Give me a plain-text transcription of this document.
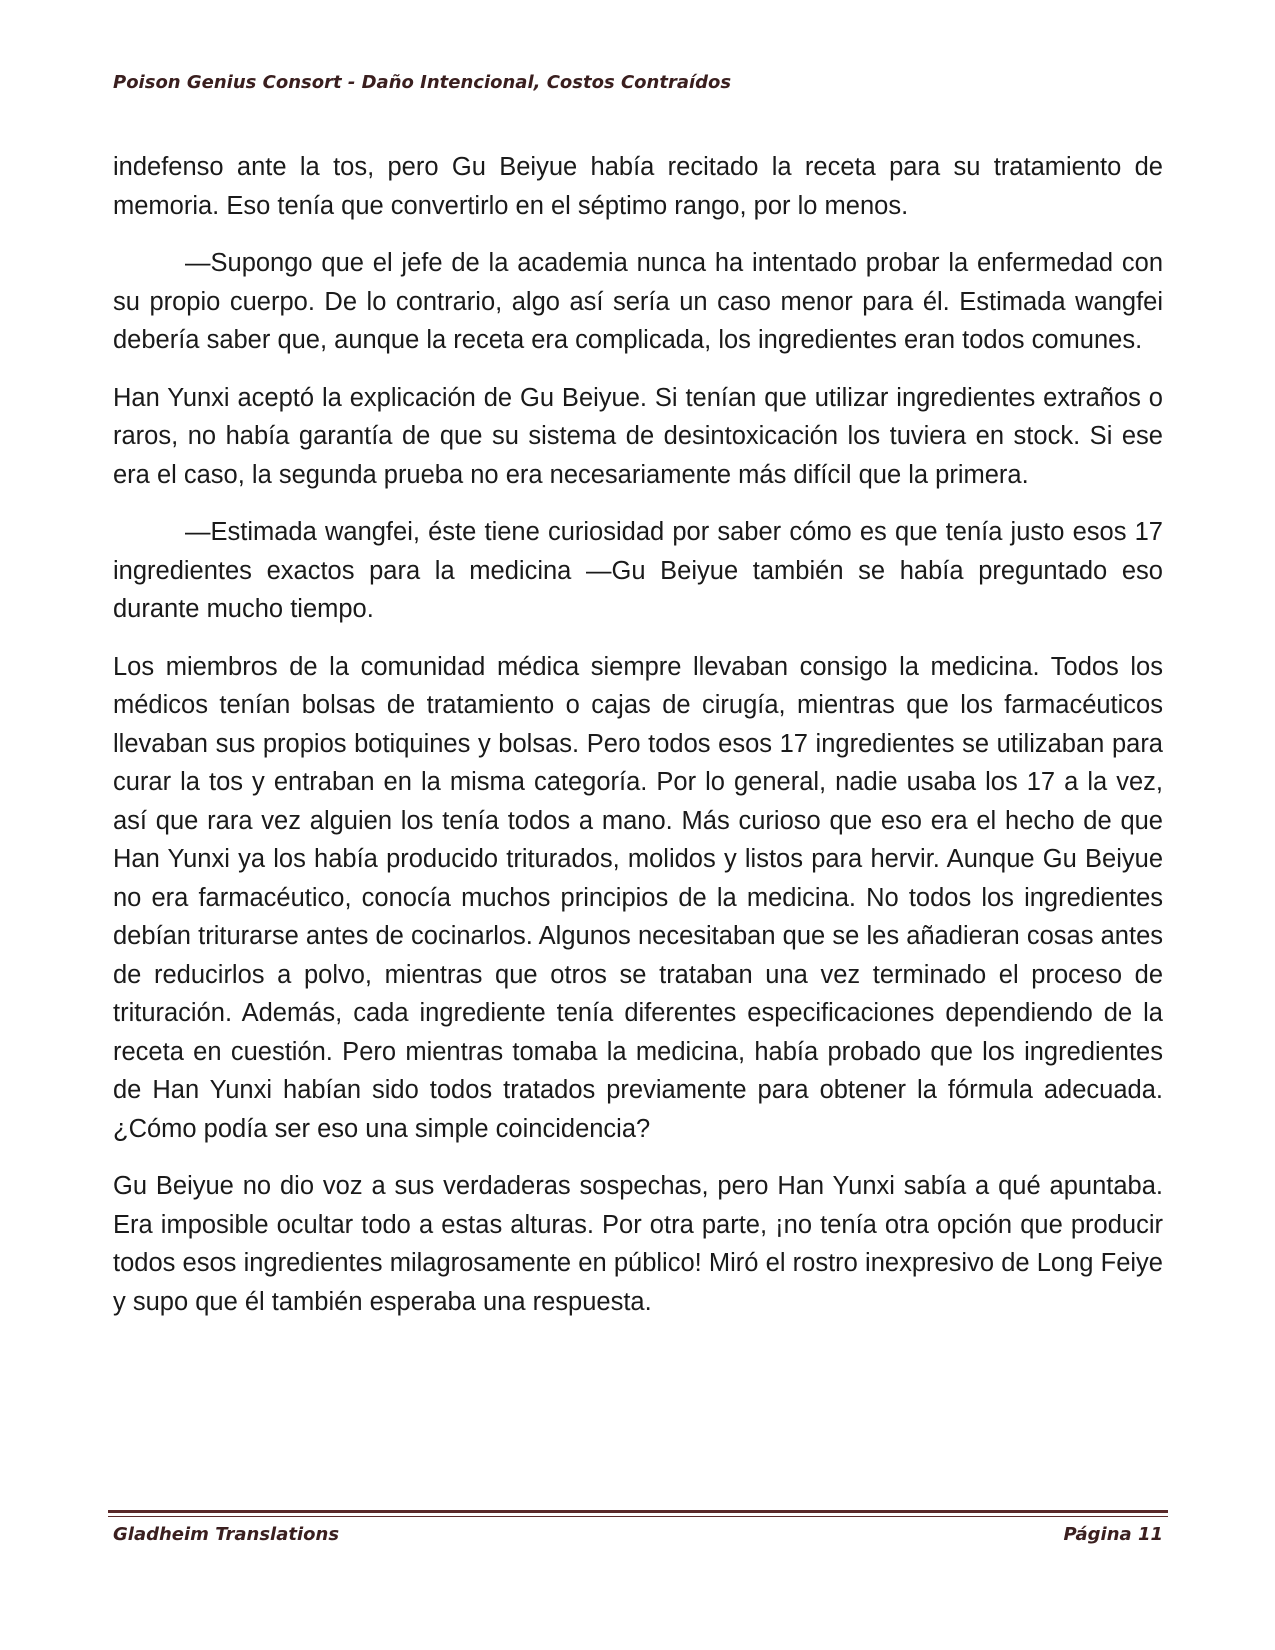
Poison Genius Consort - Daño Intencional, Costos Contraídos

indefenso ante la tos, pero Gu Beiyue había recitado la receta para su tratamiento de memoria. Eso tenía que convertirlo en el séptimo rango, por lo menos.

—Supongo que el jefe de la academia nunca ha intentado probar la enfermedad con su propio cuerpo. De lo contrario, algo así sería un caso menor para él. Estimada wangfei debería saber que, aunque la receta era complicada, los ingredientes eran todos comunes.

Han Yunxi aceptó la explicación de Gu Beiyue. Si tenían que utilizar ingredientes extraños o raros, no había garantía de que su sistema de desintoxicación los tuviera en stock. Si ese era el caso, la segunda prueba no era necesariamente más difícil que la primera.

—Estimada wangfei, éste tiene curiosidad por saber cómo es que tenía justo esos 17 ingredientes exactos para la medicina —Gu Beiyue también se había preguntado eso durante mucho tiempo.

Los miembros de la comunidad médica siempre llevaban consigo la medicina. Todos los médicos tenían bolsas de tratamiento o cajas de cirugía, mientras que los farmacéuticos llevaban sus propios botiquines y bolsas. Pero todos esos 17 ingredientes se utilizaban para curar la tos y entraban en la misma categoría. Por lo general, nadie usaba los 17 a la vez, así que rara vez alguien los tenía todos a mano. Más curioso que eso era el hecho de que Han Yunxi ya los había producido triturados, molidos y listos para hervir. Aunque Gu Beiyue no era farmacéutico, conocía muchos principios de la medicina. No todos los ingredientes debían triturarse antes de cocinarlos. Algunos necesitaban que se les añadieran cosas antes de reducirlos a polvo, mientras que otros se trataban una vez terminado el proceso de trituración. Además, cada ingrediente tenía diferentes especificaciones dependiendo de la receta en cuestión. Pero mientras tomaba la medicina, había probado que los ingredientes de Han Yunxi habían sido todos tratados previamente para obtener la fórmula adecuada. ¿Cómo podía ser eso una simple coincidencia?

Gu Beiyue no dio voz a sus verdaderas sospechas, pero Han Yunxi sabía a qué apuntaba. Era imposible ocultar todo a estas alturas. Por otra parte, ¡no tenía otra opción que producir todos esos ingredientes milagrosamente en público! Miró el rostro inexpresivo de Long Feiye y supo que él también esperaba una respuesta.

Gladheim Translations	Página 11
